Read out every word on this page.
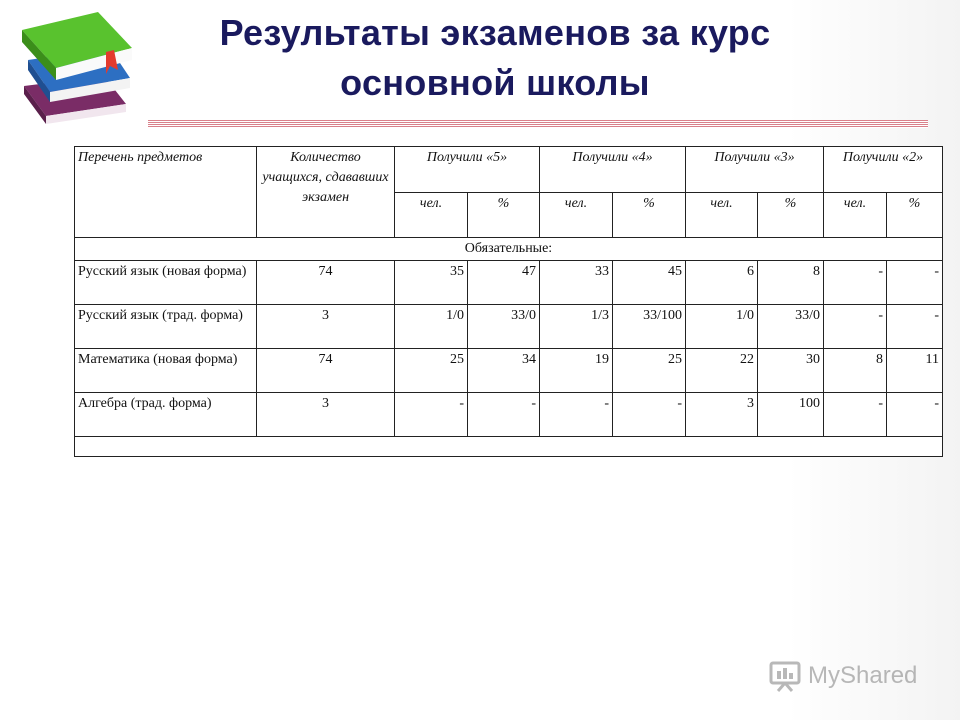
Результаты экзаменов за курс
основной школы
Перечень предметов	Количество учащихся, сдававших экзамен	Получили «5»		Получили «4»		Получили «3»		Получили «2»	
		чел.	%	чел.	%	чел.	%	чел.	%
Обязательные:									
Русский язык (новая форма)	74	35	47	33	45	6	8	-	-
Русский язык (трад. форма)	3	1/0	33/0	1/3	33/100	1/0	33/0	-	-
Математика (новая форма)	74	25	34	19	25	22	30	8	11
Алгебра (трад. форма)	3	-	-	-	-	3	100	-	-

MyShared
